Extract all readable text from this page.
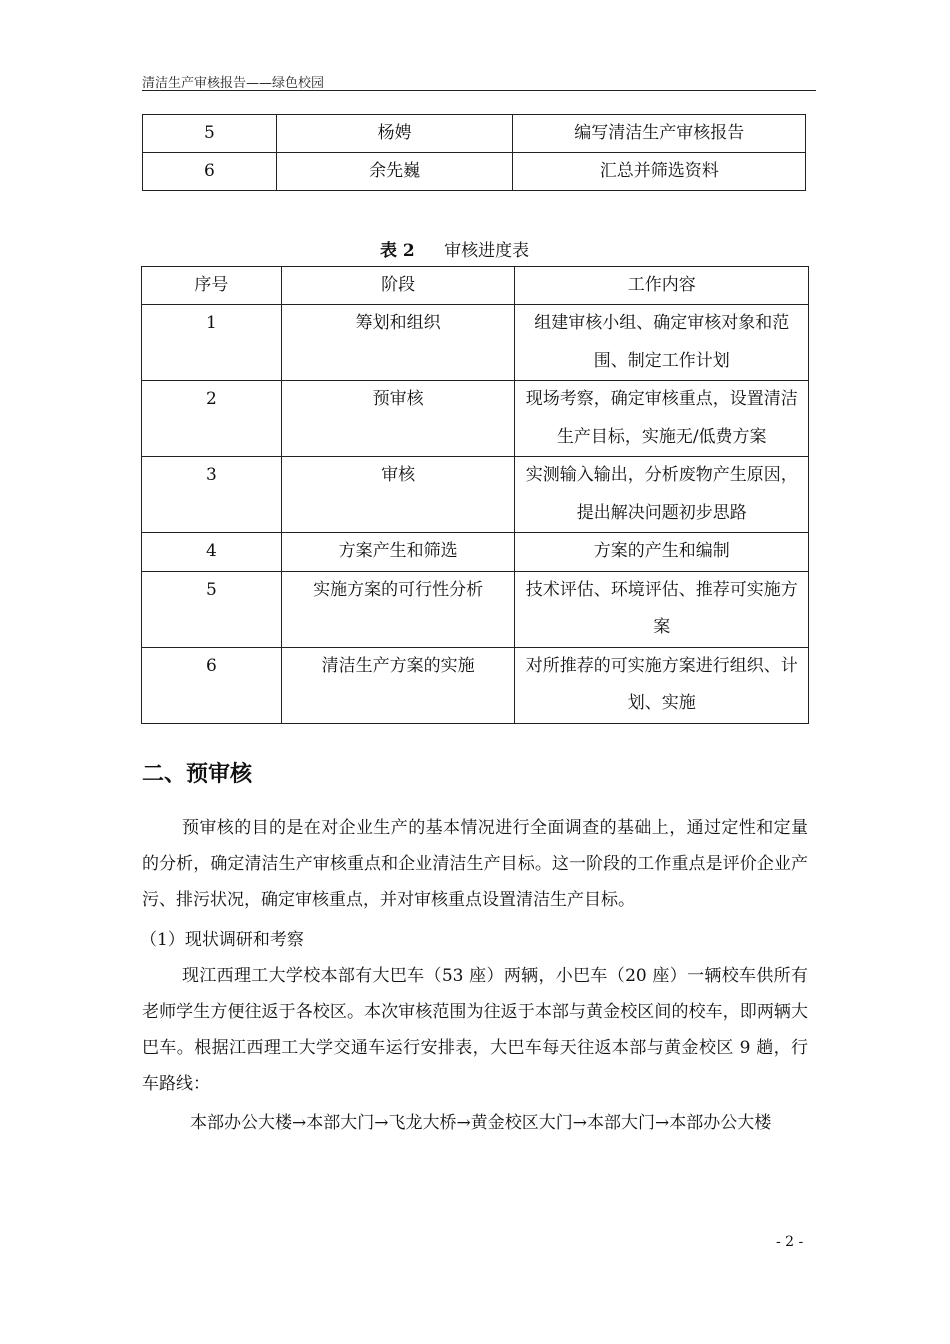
清洁生产审核报告——绿色校园
5	杨娉	编写清洁生产审核报告
6	余先巍	汇总并筛选资料
表 2 审核进度表
序号	阶段	工作内容
1	筹划和组织	组建审核小组、确定审核对象和范围、制定工作计划
2	预审核	现场考察，确定审核重点，设置清洁生产目标，实施无/低费方案
3	审核	实测输入输出，分析废物产生原因，提出解决问题初步思路
4	方案产生和筛选	方案的产生和编制
5	实施方案的可行性分析	技术评估、环境评估、推荐可实施方案
6	清洁生产方案的实施	对所推荐的可实施方案进行组织、计划、实施
二、预审核
预审核的目的是在对企业生产的基本情况进行全面调查的基础上，通过定性和定量的分析，确定清洁生产审核重点和企业清洁生产目标。这一阶段的工作重点是评价企业产污、排污状况，确定审核重点，并对审核重点设置清洁生产目标。
（1）现状调研和考察
现江西理工大学校本部有大巴车（53 座）两辆，小巴车（20 座）一辆校车供所有老师学生方便往返于各校区。本次审核范围为往返于本部与黄金校区间的校车，即两辆大巴车。根据江西理工大学交通车运行安排表，大巴车每天往返本部与黄金校区 9 趟，行车路线：
本部办公大楼→本部大门→飞龙大桥→黄金校区大门→本部大门→本部办公大楼
- 2 -
